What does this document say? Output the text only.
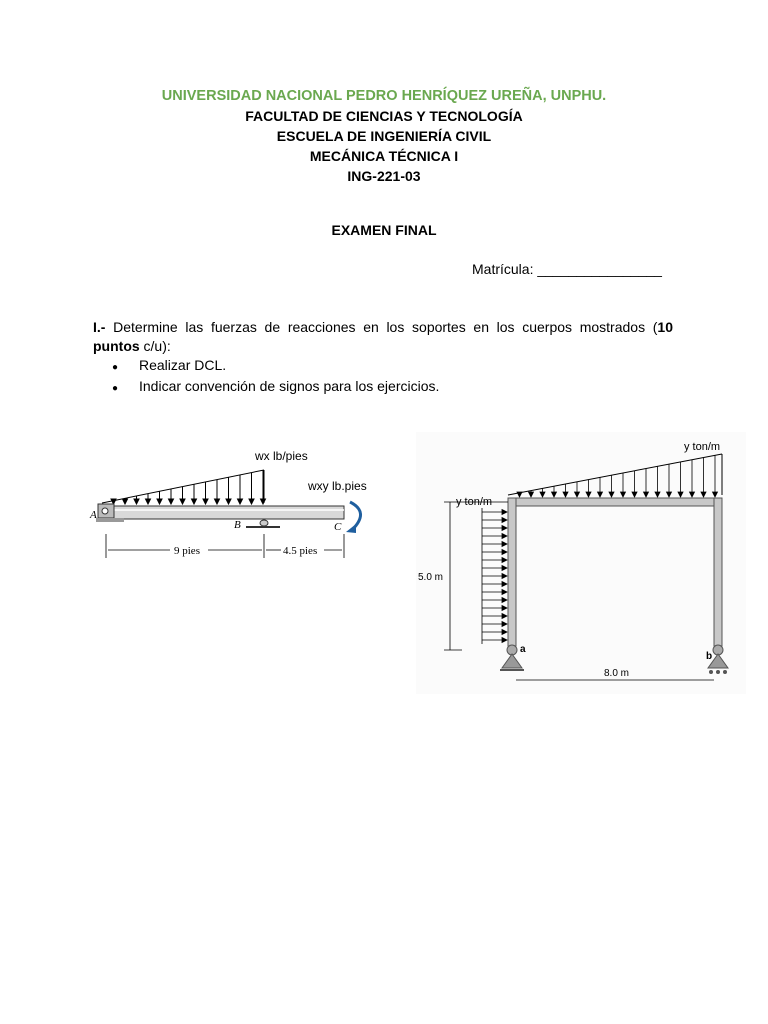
UNIVERSIDAD NACIONAL PEDRO HENRÍQUEZ UREÑA, UNPHU.
FACULTAD DE CIENCIAS Y TECNOLOGÍA
ESCUELA DE INGENIERÍA CIVIL
MECÁNICA TÉCNICA I
ING-221-03
EXAMEN FINAL
Matrícula: ________________
I.- Determine las fuerzas de reacciones en los soportes en los cuerpos mostrados (10 puntos c/u):
●	Realizar DCL.
●	Indicar convención de signos para los ejercicios.
wx lb/pies
wxy lb.pies
A
B	C
9 pies	4.5 pies
y ton/m
y ton/m
a
b
5.0 m
8.0 m
